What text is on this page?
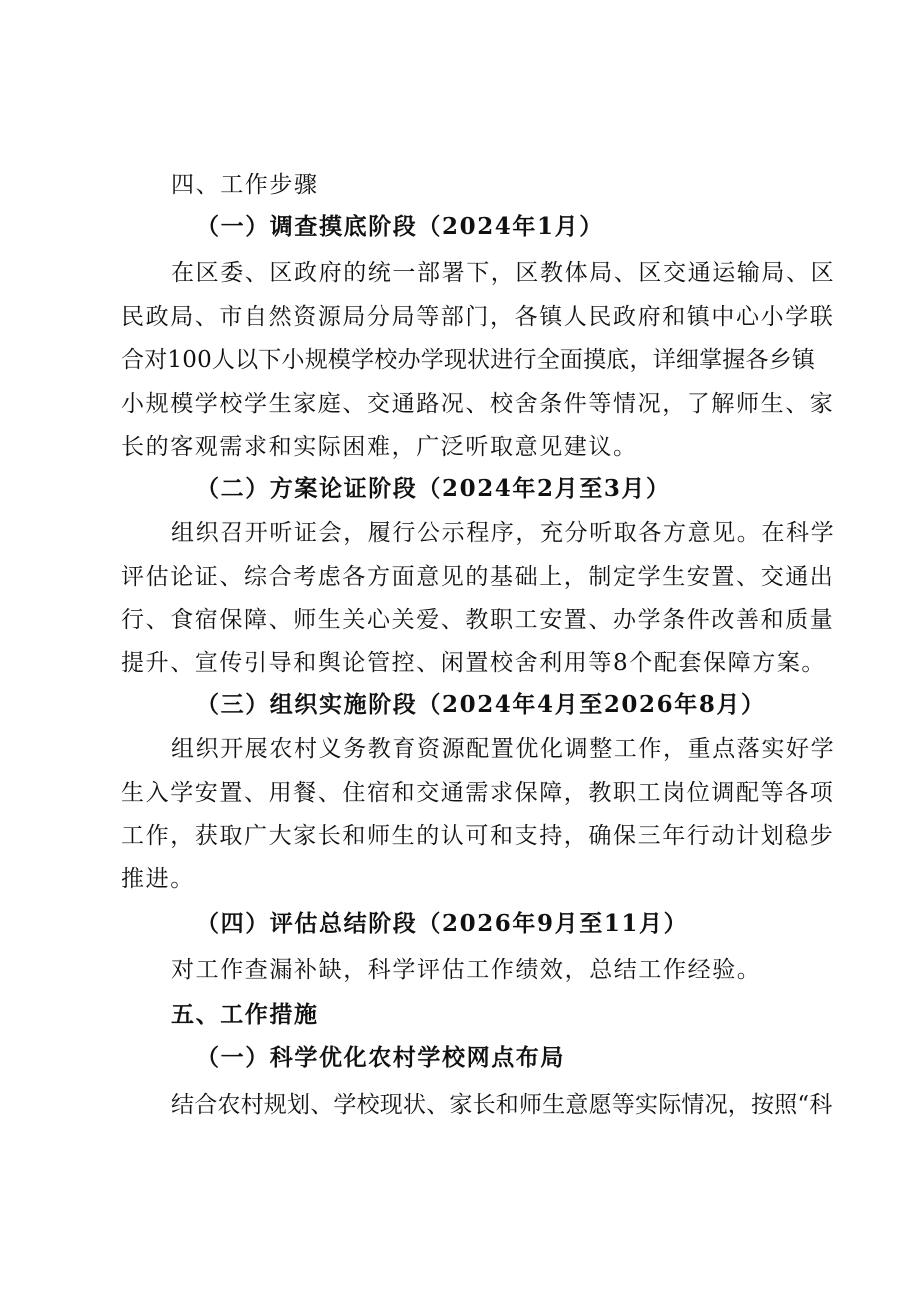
四、工作步骤
（一）调查摸底阶段（2024年1月）
在区委、区政府的统一部署下，区教体局、区交通运输局、区
民政局、市自然资源局分局等部门，各镇人民政府和镇中心小学联
合对100人以下小规模学校办学现状进行全面摸底，详细掌握各乡镇
小规模学校学生家庭、交通路况、校舍条件等情况，了解师生、家
长的客观需求和实际困难，广泛听取意见建议。
（二）方案论证阶段（2024年2月至3月）
组织召开听证会，履行公示程序，充分听取各方意见。在科学
评估论证、综合考虑各方面意见的基础上，制定学生安置、交通出
行、食宿保障、师生关心关爱、教职工安置、办学条件改善和质量
提升、宣传引导和舆论管控、闲置校舍利用等8个配套保障方案。
（三）组织实施阶段（2024年4月至2026年8月）
组织开展农村义务教育资源配置优化调整工作，重点落实好学
生入学安置、用餐、住宿和交通需求保障，教职工岗位调配等各项
工作，获取广大家长和师生的认可和支持，确保三年行动计划稳步
推进。
（四）评估总结阶段（2026年9月至11月）
对工作查漏补缺，科学评估工作绩效，总结工作经验。
五、工作措施
（一）科学优化农村学校网点布局
结合农村规划、学校现状、家长和师生意愿等实际情况，按照“科
